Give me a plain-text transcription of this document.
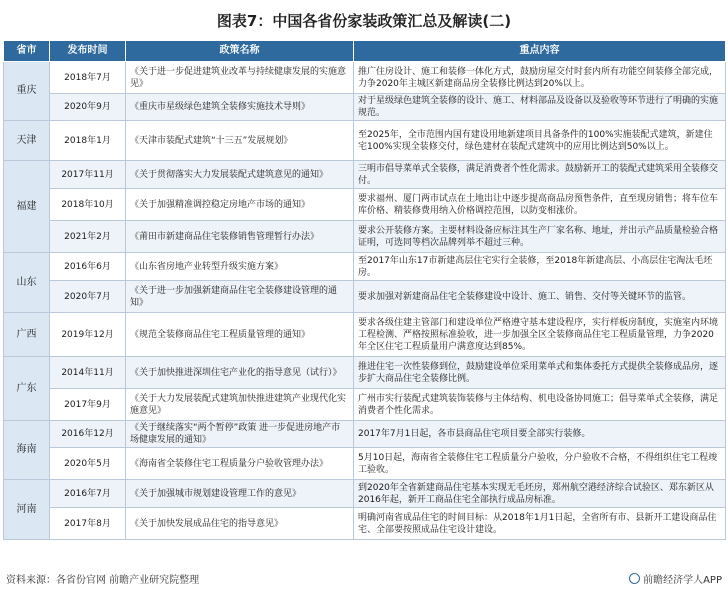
图表7：中国各省份家装政策汇总及解读(二)
省市	发布时间	政策名称	重点内容
重庆	2018年7月	《关于进一步促进建筑业改革与持续健康发展的实施意见》	推广住房设计、施工和装修一体化方式，鼓励房屋交付时套内所有功能空间装修全部完成，力争2020年主城区新建商品房全装修比例达到20%以上。
	2020年9月	《重庆市星级绿色建筑全装修实施技术导则》	对于星级绿色建筑全装修的设计、施工、材料部品及设备以及验收等环节进行了明确的实施规范。
天津	2018年1月	《天津市装配式建筑“十三五”发展规划》	至2025年，全市范围内国有建设用地新建项目具备条件的100%实施装配式建筑，新建住宅100%实现全装修交付，绿色建材在装配式建筑中的应用比例达到50%以上。
福建	2017年11月	《关于贯彻落实大力发展装配式建筑意见的通知》	三明市倡导菜单式全装修，满足消费者个性化需求。鼓励新开工的装配式建筑采用全装修交付。
	2018年10月	《关于加强精准调控稳定房地产市场的通知》	要求福州、厦门两市试点在土地出让中逐步提高商品房预售条件，直至现房销售；将车位车库价格、精装修费用纳入价格调控范围，以防变相涨价。
	2021年2月	《莆田市新建商品住宅装修销售管理暂行办法》	要求公开装修方案。主要材料设备应标注其生产厂家名称、地址，并出示产品质量检验合格证明，可选同等档次品牌列举不超过三种。
山东	2016年6月	《山东省房地产业转型升级实施方案》	至2017年山东17市新建高层住宅实行全装修，至2018年新建高层、小高层住宅淘汰毛坯房。
	2020年7月	《关于进一步加强新建商品住宅全装修建设管理的通知》	要求加强对新建商品住宅全装修建设中设计、施工、销售、交付等关键环节的监管。
广西	2019年12月	《规范全装修商品住宅工程质量管理的通知》	要求各级住建主管部门和建设单位严格遵守基本建设程序，实行样板房制度，实施室内环境工程检测、严格按照标准验收，进一步加强全区全装修商品住宅工程质量管理，力争2020年全区住宅工程质量用户满意度达到85%。
广东	2014年11月	《关于加快推进深圳住宅产业化的指导意见（试行）》	推进住宅一次性装修到位，鼓励建设单位采用菜单式和集体委托方式提供全装修成品房，逐步扩大商品住宅全装修比例。
	2017年9月	《关于大力发展装配式建筑加快推进建筑产业现代化实施意见》	广州市实行装配式建筑装饰装修与主体结构、机电设备协同施工；倡导菜单式全装修，满足消费者个性化需求。
海南	2016年12月	《关于继续落实“两个暂停”政策 进一步促进房地产市场健康发展的通知》	2017年7月1日起，各市县商品住宅项目要全部实行装修。
	2020年5月	《海南省全装修住宅工程质量分户验收管理办法》	5月10日起，海南省全装修住宅工程质量分户验收，分户验收不合格，不得组织住宅工程竣工验收。
河南	2016年7月	《关于加强城市规划建设管理工作的意见》	到2020年全省新建商品住宅基本实现无毛坯房，郑州航空港经济综合试验区、郑东新区从2016年起，新开工商品住宅全部执行成品房标准。
	2017年8月	《关于加快发展成品住宅的指导意见》	明确河南省成品住宅的时间目标：从2018年1月1日起，全省所有市、县新开工建设商品住宅、全部要按照成品住宅设计建设。
资料来源：各省份官网 前瞻产业研究院整理	前瞻经济学人APP
